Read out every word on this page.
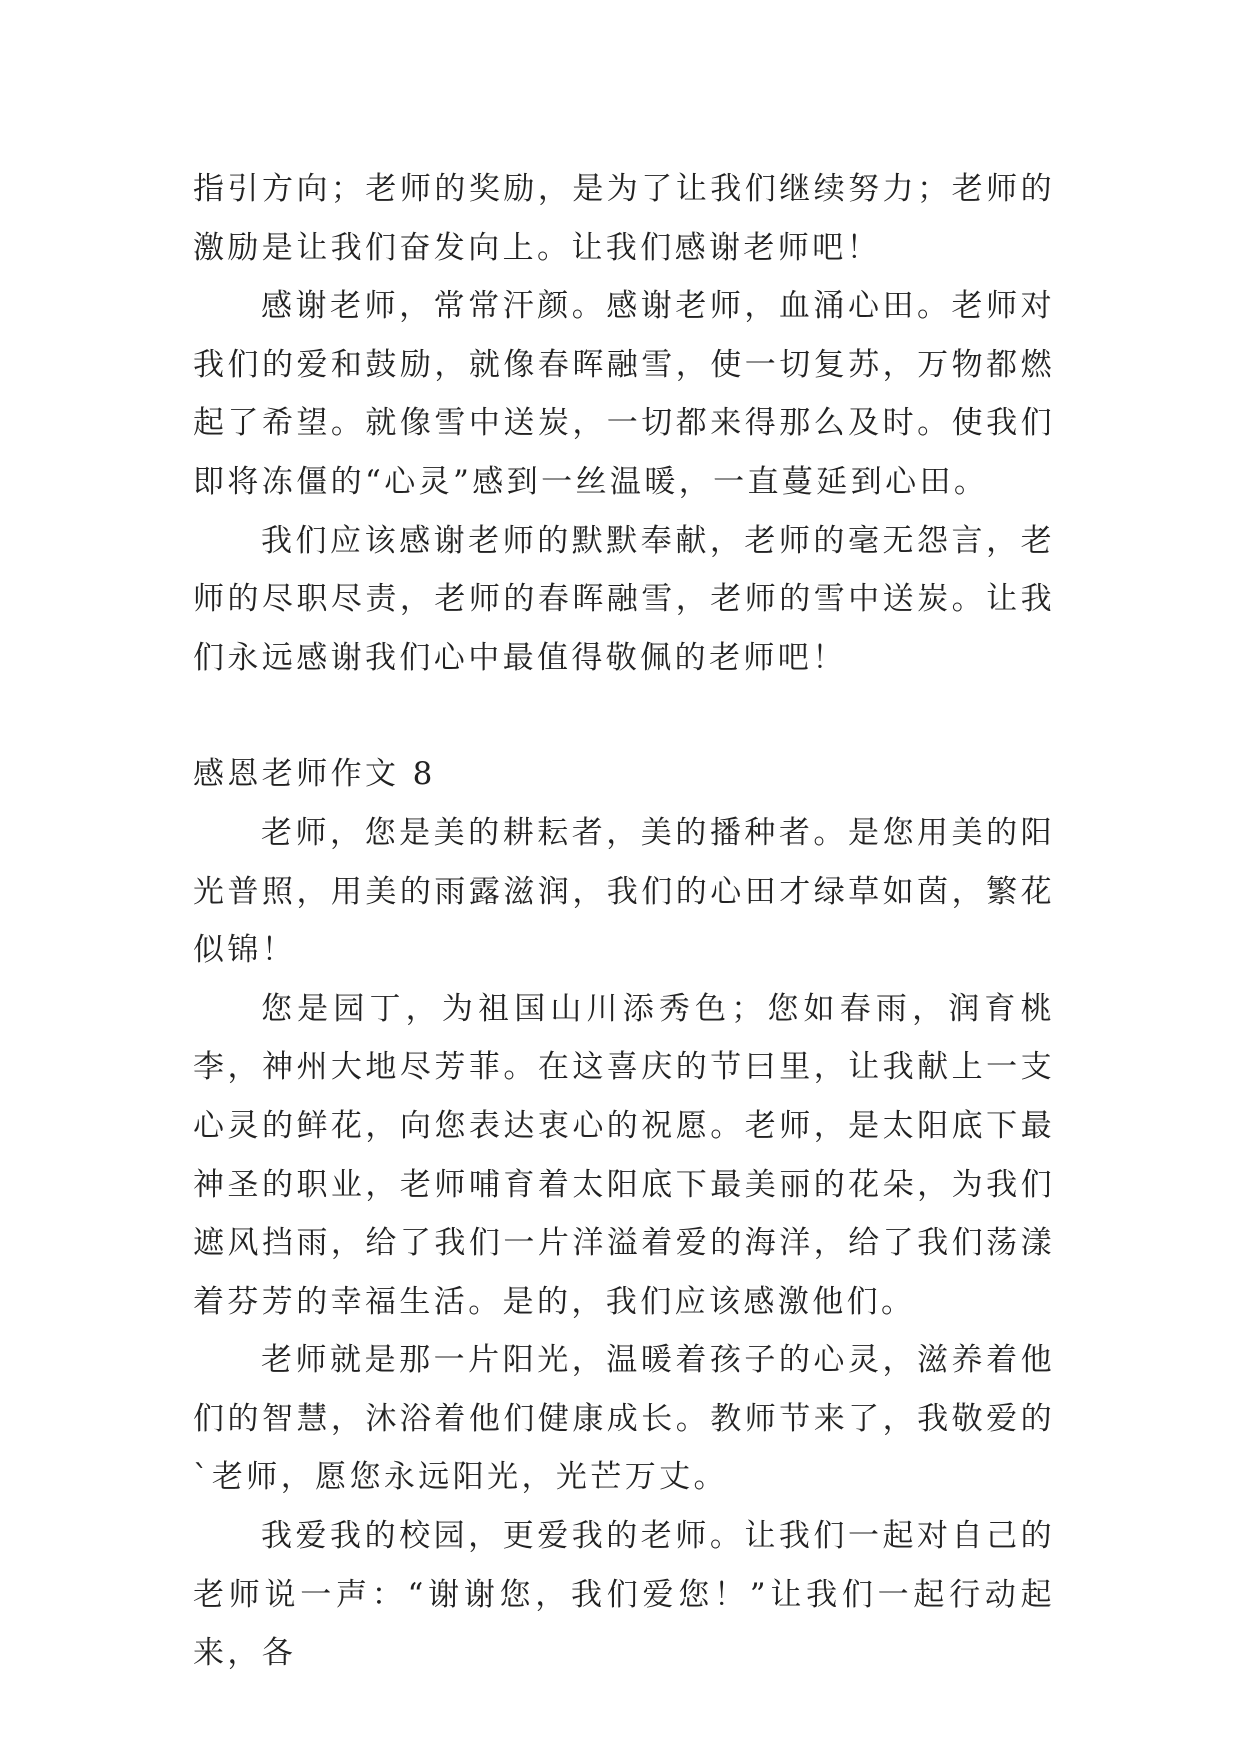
指引方向；老师的奖励，是为了让我们继续努力；老师的激励是让我们奋发向上。让我们感谢老师吧！

感谢老师，常常汗颜。感谢老师，血涌心田。老师对我们的爱和鼓励，就像春晖融雪，使一切复苏，万物都燃起了希望。就像雪中送炭，一切都来得那么及时。使我们即将冻僵的“心灵”感到一丝温暖，一直蔓延到心田。

我们应该感谢老师的默默奉献，老师的毫无怨言，老师的尽职尽责，老师的春晖融雪，老师的雪中送炭。让我们永远感谢我们心中最值得敬佩的老师吧！

感恩老师作文 8

老师，您是美的耕耘者，美的播种者。是您用美的阳光普照，用美的雨露滋润，我们的心田才绿草如茵，繁花似锦！

您是园丁，为祖国山川添秀色；您如春雨，润育桃李，神州大地尽芳菲。在这喜庆的节曰里，让我献上一支心灵的鲜花，向您表达衷心的祝愿。老师，是太阳底下最神圣的职业，老师哺育着太阳底下最美丽的花朵，为我们遮风挡雨，给了我们一片洋溢着爱的海洋，给了我们荡漾着芬芳的幸福生活。是的，我们应该感激他们。

老师就是那一片阳光，温暖着孩子的心灵，滋养着他们的智慧，沐浴着他们健康成长。教师节来了，我敬爱的`老师，愿您永远阳光，光芒万丈。

我爱我的校园，更爱我的老师。让我们一起对自己的老师说一声：“谢谢您，我们爱您！”让我们一起行动起来，各
